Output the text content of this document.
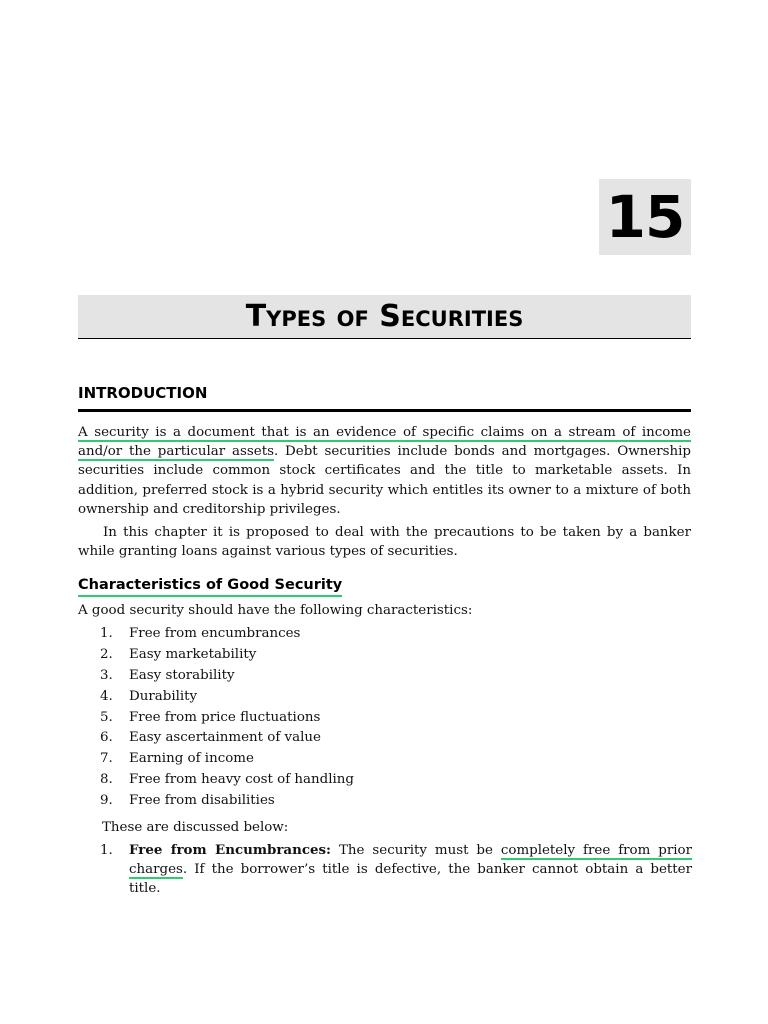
15
Types of Securities
INTRODUCTION

A security is a document that is an evidence of specific claims on a stream of income and/or the particular assets. Debt securities include bonds and mortgages. Ownership securities include common stock certificates and the title to marketable assets. In addition, preferred stock is a hybrid security which entitles its owner to a mixture of both ownership and creditorship privileges.

In this chapter it is proposed to deal with the precautions to be taken by a banker while granting loans against various types of securities.

Characteristics of Good Security
A good security should have the following characteristics:
1. Free from encumbrances
2. Easy marketability
3. Easy storability
4. Durability
5. Free from price fluctuations
6. Easy ascertainment of value
7. Earning of income
8. Free from heavy cost of handling
9. Free from disabilities
These are discussed below:
1. Free from Encumbrances: The security must be completely free from prior charges. If the borrower’s title is defective, the banker cannot obtain a better title.
